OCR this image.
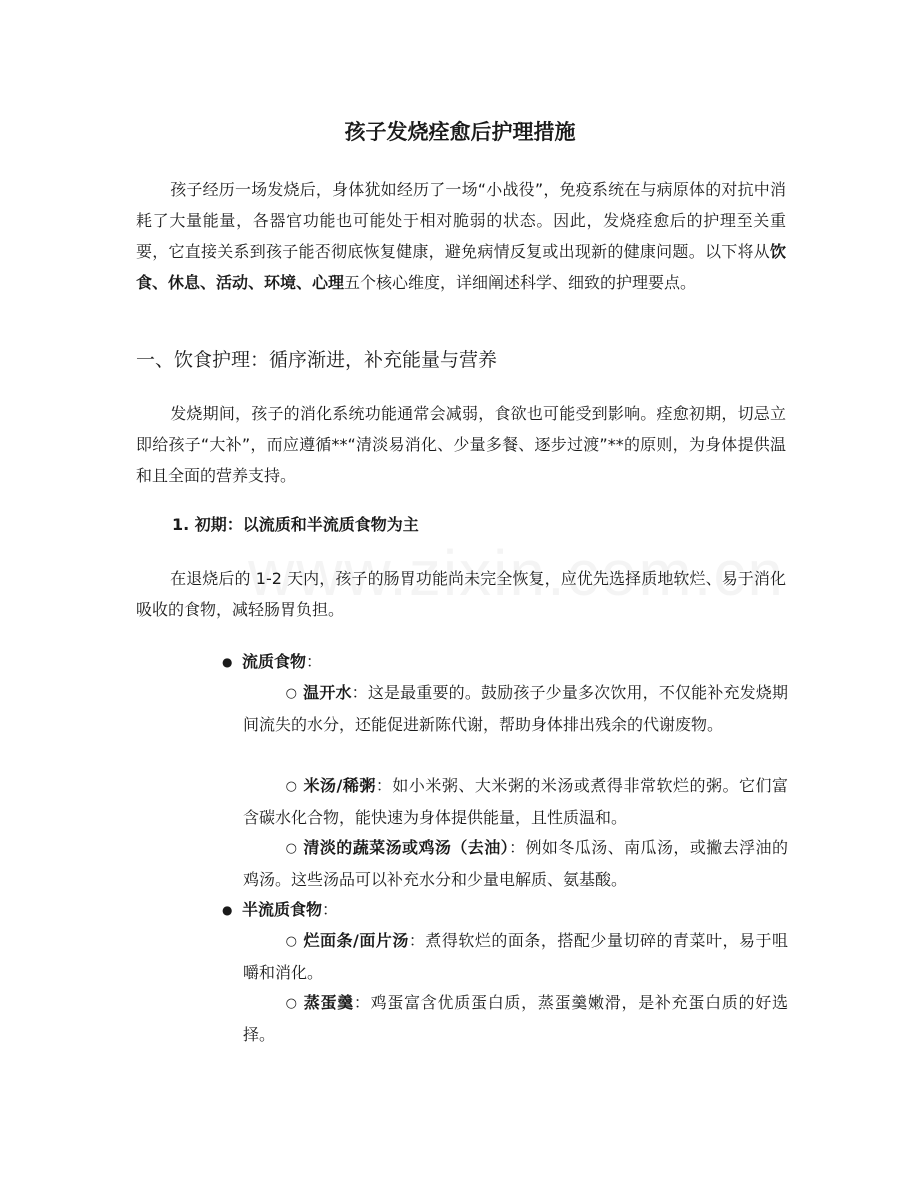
孩子发烧痊愈后护理措施

孩子经历一场发烧后，身体犹如经历了一场“小战役”，免疫系统在与病原体的对抗中消耗了大量能量，各器官功能也可能处于相对脆弱的状态。因此，发烧痊愈后的护理至关重要，它直接关系到孩子能否彻底恢复健康，避免病情反复或出现新的健康问题。以下将从饮食、休息、活动、环境、心理五个核心维度，详细阐述科学、细致的护理要点。

一、饮食护理：循序渐进，补充能量与营养

发烧期间，孩子的消化系统功能通常会减弱，食欲也可能受到影响。痊愈初期，切忌立即给孩子“大补”，而应遵循**“清淡易消化、少量多餐、逐步过渡”**的原则，为身体提供温和且全面的营养支持。

1. 初期：以流质和半流质食物为主

在退烧后的 1-2 天内，孩子的肠胃功能尚未完全恢复，应优先选择质地软烂、易于消化吸收的食物，减轻肠胃负担。

● 流质食物：

○ 温开水：这是最重要的。鼓励孩子少量多次饮用，不仅能补充发烧期间流失的水分，还能促进新陈代谢，帮助身体排出残余的代谢废物。

○ 米汤/稀粥：如小米粥、大米粥的米汤或煮得非常软烂的粥。它们富含碳水化合物，能快速为身体提供能量，且性质温和。

○ 清淡的蔬菜汤或鸡汤（去油）：例如冬瓜汤、南瓜汤，或撇去浮油的鸡汤。这些汤品可以补充水分和少量电解质、氨基酸。

● 半流质食物：

○ 烂面条/面片汤：煮得软烂的面条，搭配少量切碎的青菜叶，易于咀嚼和消化。

○ 蒸蛋羹：鸡蛋富含优质蛋白质，蒸蛋羹嫩滑，是补充蛋白质的好选择。
